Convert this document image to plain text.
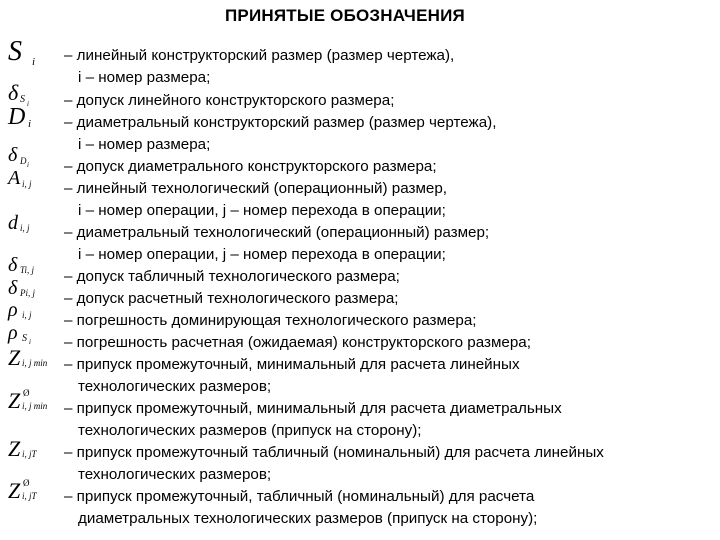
ПРИНЯТЫЕ ОБОЗНАЧЕНИЯ
S i
δ S i
D i
δ D i
A i, j
d i, j
δ Ti, j
δ Pi, j
ρ i, j
ρ S i
Z i, j min
Z Ø
i, j min
Z i, jT
Z Ø
i, jT
– линейный конструкторский размер (размер чертежа),
i – номер размера;
– допуск линейного конструкторского размера;
– диаметральный конструкторский размер (размер чертежа),
i – номер размера;
– допуск диаметрального конструкторского размера;
– линейный технологический (операционный) размер,
i – номер операции, j – номер перехода в операции;
– диаметральный технологический (операционный) размер;
i – номер операции, j – номер перехода в операции;
– допуск табличный технологического размера;
– допуск расчетный технологического размера;
– погрешность доминирующая технологического размера;
– погрешность расчетная (ожидаемая) конструкторского размера;
– припуск промежуточный, минимальный для расчета линейных
технологических размеров;
– припуск промежуточный, минимальный для расчета диаметральных
технологических размеров (припуск на сторону);
– припуск промежуточный табличный (номинальный) для расчета линейных
технологических размеров;
– припуск промежуточный, табличный (номинальный) для расчета
диаметральных технологических размеров (припуск на сторону);
